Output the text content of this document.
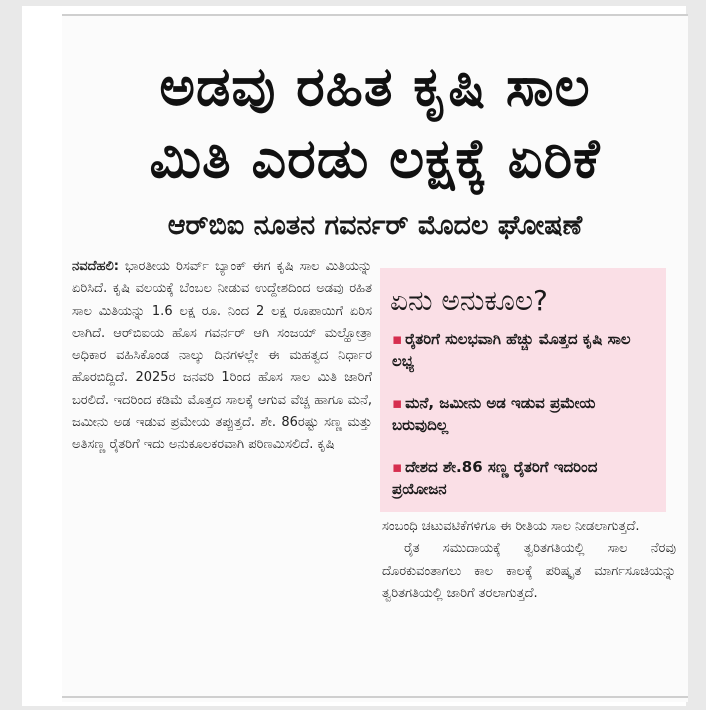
ಅಡವು ರಹಿತ ಕೃಷಿ ಸಾಲ
ಮಿತಿ ಎರಡು ಲಕ್ಷಕ್ಕೆ ಏರಿಕೆ
ಆರ್‌ಬಿಐ ನೂತನ ಗವರ್ನರ್ ಮೊದಲ ಘೋಷಣೆ

ನವದೆಹಲಿ: ಭಾರತೀಯ ರಿಸರ್ವ್ ಬ್ಯಾಂಕ್ ಈಗ ಕೃಷಿ ಸಾಲ ಮಿತಿಯನ್ನು ಏರಿಸಿದೆ. ಕೃಷಿ ವಲಯಕ್ಕೆ ಬೆಂಬಲ ನೀಡುವ ಉದ್ದೇಶದಿಂದ ಅಡವು ರಹಿತ ಸಾಲ ಮಿತಿಯನ್ನು 1.6 ಲಕ್ಷ ರೂ. ನಿಂದ 2 ಲಕ್ಷ ರೂಪಾಯಿಗೆ ಏರಿಸ ಲಾಗಿದೆ. ಆರ್‌ಬಿಐಯ ಹೊಸ ಗವರ್ನರ್ ಆಗಿ ಸಂಜಯ್ ಮಲ್ಹೋತ್ರಾ ಅಧಿಕಾರ ವಹಿಸಿಕೊಂಡ ನಾಲ್ಕು ದಿನಗಳಲ್ಲೇ ಈ ಮಹತ್ವದ ನಿರ್ಧಾರ ಹೊರಬಿದ್ದಿದೆ. 2025ರ ಜನವರಿ 1ರಿಂದ ಹೊಸ ಸಾಲ ಮಿತಿ ಜಾರಿಗೆ ಬರಲಿದೆ. ಇದರಿಂದ ಕಡಿಮೆ ಮೊತ್ತದ ಸಾಲಕ್ಕೆ ಆಗುವ ವೆಚ್ಚ ಹಾಗೂ ಮನೆ, ಜಮೀನು ಅಡ ಇಡುವ ಪ್ರಮೇಯ ತಪ್ಪುತ್ತದೆ. ಶೇ. 86ರಷ್ಟು ಸಣ್ಣ ಮತ್ತು ಅತಿಸಣ್ಣ ರೈತರಿಗೆ ಇದು ಅನುಕೂಲಕರವಾಗಿ ಪರಿಣಮಿಸಲಿದೆ. ಕೃಷಿ

ಏನು ಅನುಕೂಲ?
▪ ರೈತರಿಗೆ ಸುಲಭವಾಗಿ ಹೆಚ್ಚು ಮೊತ್ತದ ಕೃಷಿ ಸಾಲ ಲಭ್ಯ
▪ ಮನೆ, ಜಮೀನು ಅಡ ಇಡುವ ಪ್ರಮೇಯ ಬರುವುದಿಲ್ಲ
▪ ದೇಶದ ಶೇ.86 ಸಣ್ಣ ರೈತರಿಗೆ ಇದರಿಂದ ಪ್ರಯೋಜನ

ಸಂಬಂಧಿ ಚಟುವಟಿಕೆಗಳಿಗೂ ಈ ರೀತಿಯ ಸಾಲ ನೀಡಲಾಗುತ್ತದೆ.

ರೈತ ಸಮುದಾಯಕ್ಕೆ ತ್ವರಿತಗತಿಯಲ್ಲಿ ಸಾಲ ನೆರವು ದೊರಕುವಂತಾಗಲು ಕಾಲ ಕಾಲಕ್ಕೆ ಪರಿಷ್ಕೃತ ಮಾರ್ಗಸೂಚಿಯನ್ನು ತ್ವರಿತಗತಿಯಲ್ಲಿ ಜಾರಿಗೆ ತರಲಾಗುತ್ತದೆ.
